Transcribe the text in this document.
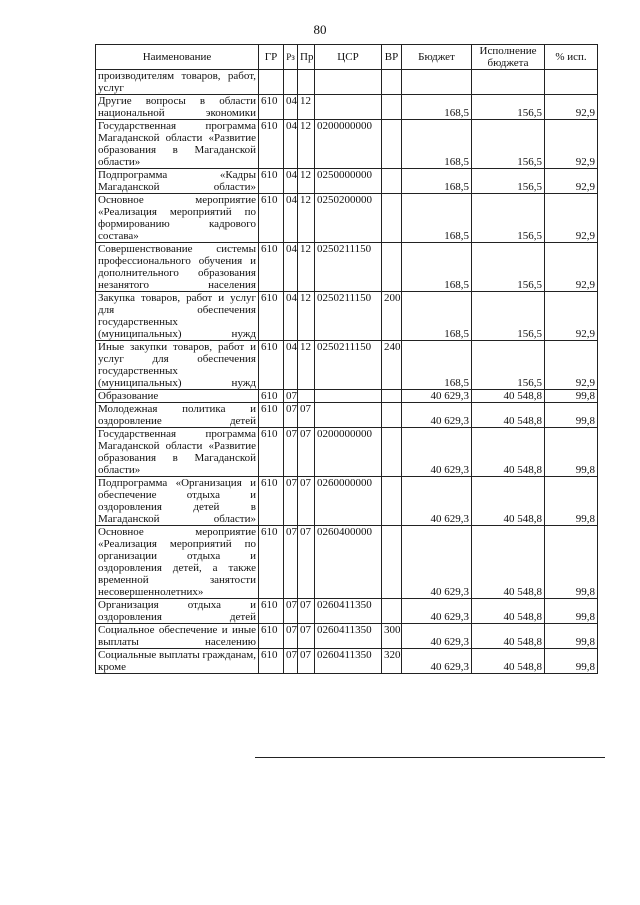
80
Наименование	ГР	Рз	Пр	ЦСР	ВР	Бюджет	Исполнение бюджета	% исп.
производителям товаров, работ, услуг								
Другие вопросы в области национальной экономики	610	04	12			168,5	156,5	92,9
Государственная программа Магаданской области «Развитие образования в Магаданской области»	610	04	12	0200000000		168,5	156,5	92,9
Подпрограмма «Кадры Магаданской области»	610	04	12	0250000000		168,5	156,5	92,9
Основное мероприятие «Реализация мероприятий по формированию кадрового состава»	610	04	12	0250200000		168,5	156,5	92,9
Совершенствование системы профессионального обучения и дополнительного образования незанятого населения	610	04	12	0250211150		168,5	156,5	92,9
Закупка товаров, работ и услуг для обеспечения государственных (муниципальных) нужд	610	04	12	0250211150	200	168,5	156,5	92,9
Иные закупки товаров, работ и услуг для обеспечения государственных (муниципальных) нужд	610	04	12	0250211150	240	168,5	156,5	92,9
Образование	610	07				40 629,3	40 548,8	99,8
Молодежная политика и оздоровление детей	610	07	07			40 629,3	40 548,8	99,8
Государственная программа Магаданской области «Развитие образования в Магаданской области»	610	07	07	0200000000		40 629,3	40 548,8	99,8
Подпрограмма «Организация и обеспечение отдыха и оздоровления детей в Магаданской области»	610	07	07	0260000000		40 629,3	40 548,8	99,8
Основное мероприятие «Реализация мероприятий по организации отдыха и оздоровления детей, а также временной занятости несовершеннолетних»	610	07	07	0260400000		40 629,3	40 548,8	99,8
Организация отдыха и оздоровления детей	610	07	07	0260411350		40 629,3	40 548,8	99,8
Социальное обеспечение и иные выплаты населению	610	07	07	0260411350	300	40 629,3	40 548,8	99,8
Социальные выплаты гражданам, кроме	610	07	07	0260411350	320	40 629,3	40 548,8	99,8
